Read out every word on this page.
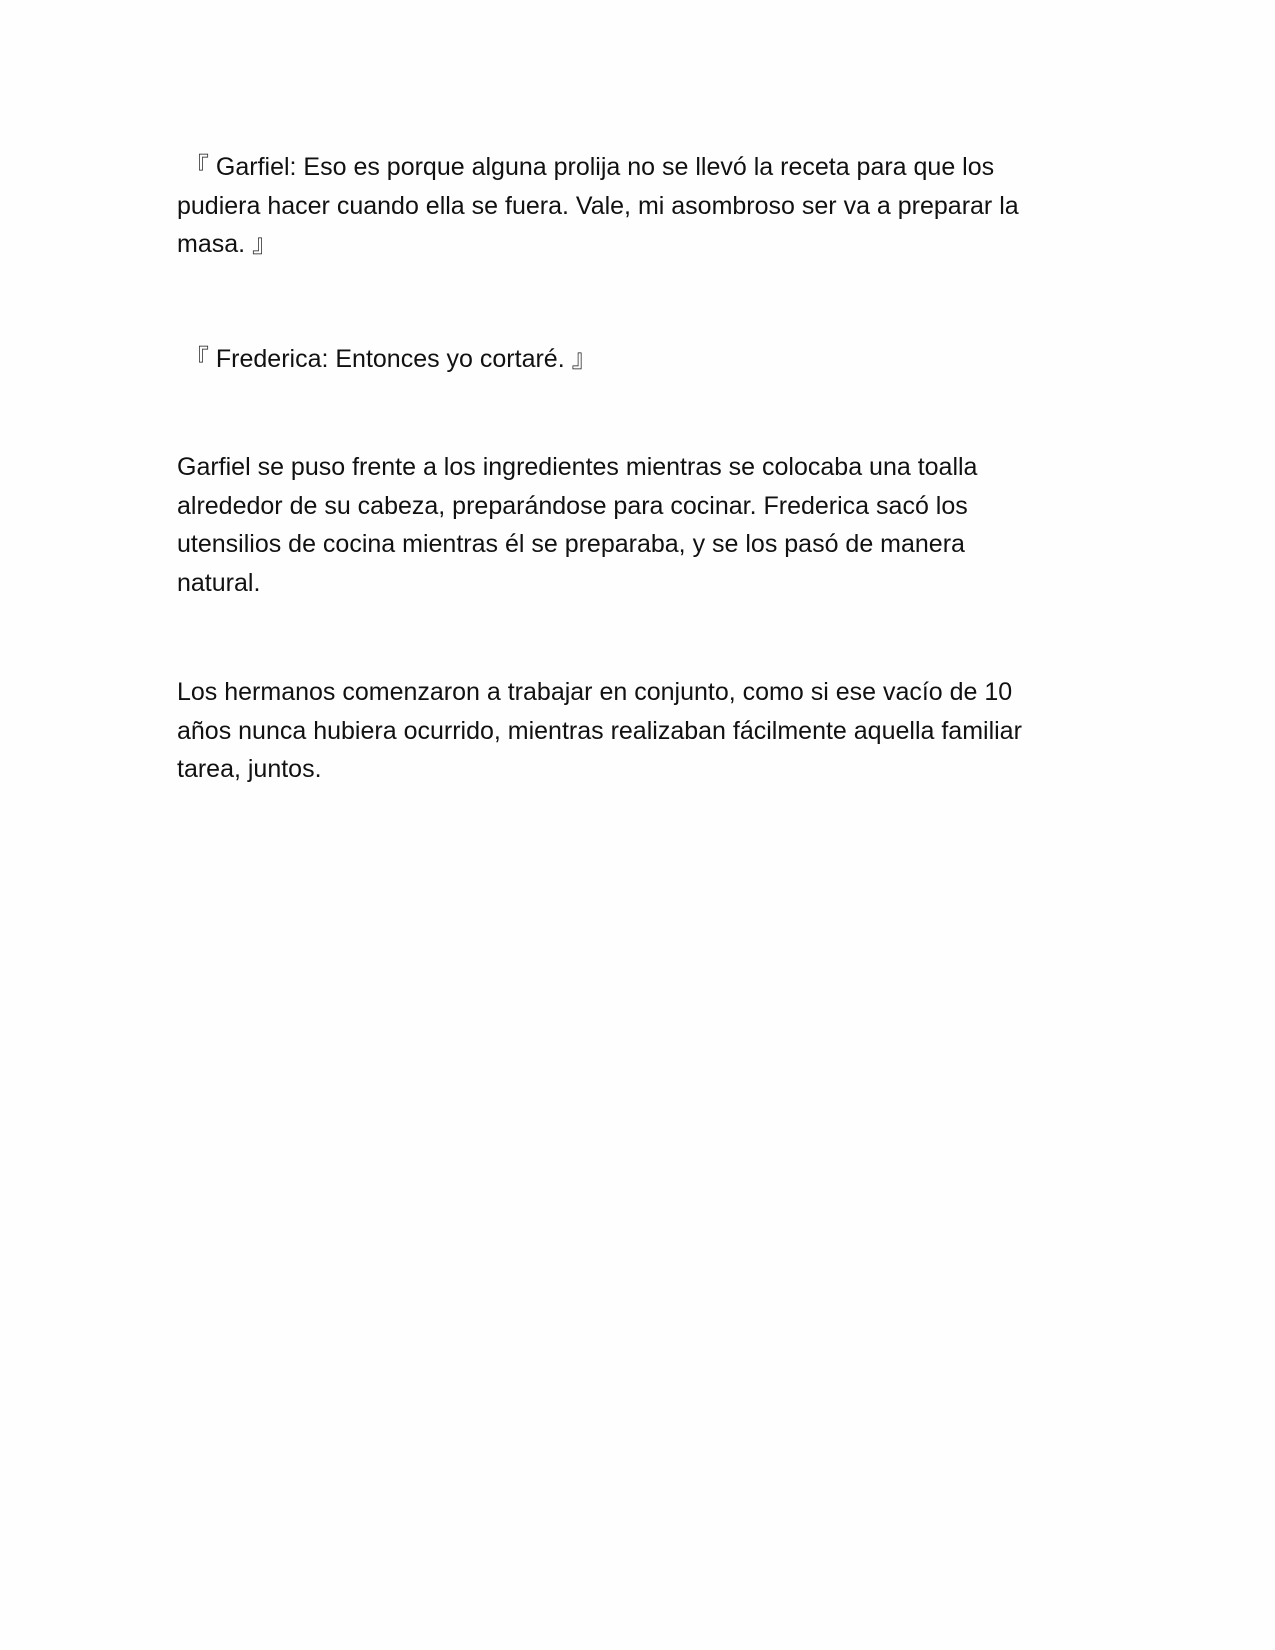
『 Garfiel: Eso es porque alguna prolija no se llevó la receta para que los
pudiera hacer cuando ella se fuera. Vale, mi asombroso ser va a preparar la
masa. 』

『 Frederica: Entonces yo cortaré. 』

Garfiel se puso frente a los ingredientes mientras se colocaba una toalla
alrededor de su cabeza, preparándose para cocinar. Frederica sacó los
utensilios de cocina mientras él se preparaba, y se los pasó de manera
natural.

Los hermanos comenzaron a trabajar en conjunto, como si ese vacío de 10
años nunca hubiera ocurrido, mientras realizaban fácilmente aquella familiar
tarea, juntos.
